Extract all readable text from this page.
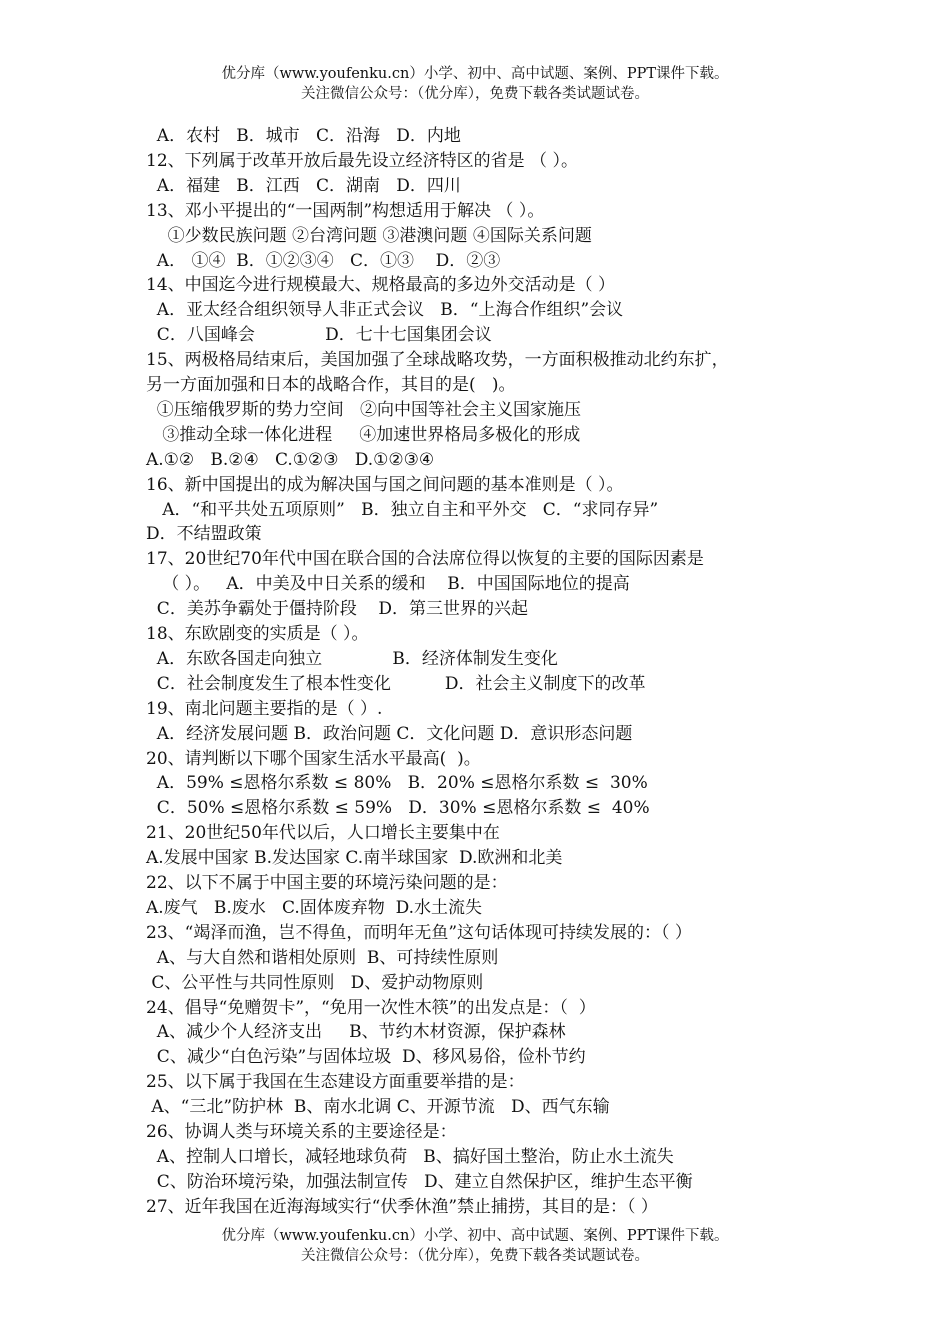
优分库（www.youfenku.cn）小学、初中、高中试题、案例、PPT课件下载。
关注微信公众号：（优分库），免费下载各类试题试卷。
A．农村   B．城市   C．沿海   D．内地
12、下列属于改革开放后最先设立经济特区的省是 （ ）。
A．福建   B．江西   C．湖南   D．四川
13、邓小平提出的“一国两制”构想适用于解决 （ ）。
①少数民族问题 ②台湾问题 ③港澳问题 ④国际关系问题
A． ①④  B．①②③④   C．①③    D．②③
14、中国迄今进行规模最大、规格最高的多边外交活动是（ ）
A．亚太经合组织领导人非正式会议   B．“上海合作组织”会议
C．八国峰会             D．七十七国集团会议
15、两极格局结束后，美国加强了全球战略攻势，一方面积极推动北约东扩，
另一方面加强和日本的战略合作，其目的是(   )。
①压缩俄罗斯的势力空间   ②向中国等社会主义国家施压
③推动全球一体化进程     ④加速世界格局多极化的形成
A.①②   B.②④   C.①②③   D.①②③④
16、新中国提出的成为解决国与国之间问题的基本准则是（ ）。
A．“和平共处五项原则”   B．独立自主和平外交   C．“求同存异”
D．不结盟政策
17、20世纪70年代中国在联合国的合法席位得以恢复的主要的国际因素是
（ ）。   A．中美及中日关系的缓和    B．中国国际地位的提高
C．美苏争霸处于僵持阶段    D．第三世界的兴起
18、东欧剧变的实质是（ ）。
A．东欧各国走向独立             B．经济体制发生变化
C．社会制度发生了根本性变化          D．社会主义制度下的改革
19、南北问题主要指的是（ ）.
A．经济发展问题 B．政治问题 C．文化问题 D．意识形态问题
20、请判断以下哪个国家生活水平最高(  )。
A．59% ≤恩格尔系数 ≤ 80%   B．20% ≤恩格尔系数 ≤  30%
C．50% ≤恩格尔系数 ≤ 59%   D．30% ≤恩格尔系数 ≤  40%
21、20世纪50年代以后，人口增长主要集中在
A.发展中国家 B.发达国家 C.南半球国家  D.欧洲和北美
22、以下不属于中国主要的环境污染问题的是：
A.废气   B.废水   C.固体废弃物  D.水土流失
23、“竭泽而渔，岂不得鱼，而明年无鱼”这句话体现可持续发展的：（ ）
A、与大自然和谐相处原则  B、可持续性原则
C、公平性与共同性原则   D、爱护动物原则
24、倡导“免赠贺卡”，“免用一次性木筷”的出发点是：（  ）
A、减少个人经济支出     B、节约木材资源，保护森林
C、减少“白色污染”与固体垃圾  D、移风易俗，俭朴节约
25、以下属于我国在生态建设方面重要举措的是：
A、“三北”防护林  B、南水北调 C、开源节流   D、西气东输
26、协调人类与环境关系的主要途径是：
A、控制人口增长，减轻地球负荷   B、搞好国土整治，防止水土流失
C、防治环境污染，加强法制宣传   D、建立自然保护区，维护生态平衡
27、近年我国在近海海域实行“伏季休渔”禁止捕捞，其目的是：（ ）
优分库（www.youfenku.cn）小学、初中、高中试题、案例、PPT课件下载。
关注微信公众号：（优分库），免费下载各类试题试卷。
